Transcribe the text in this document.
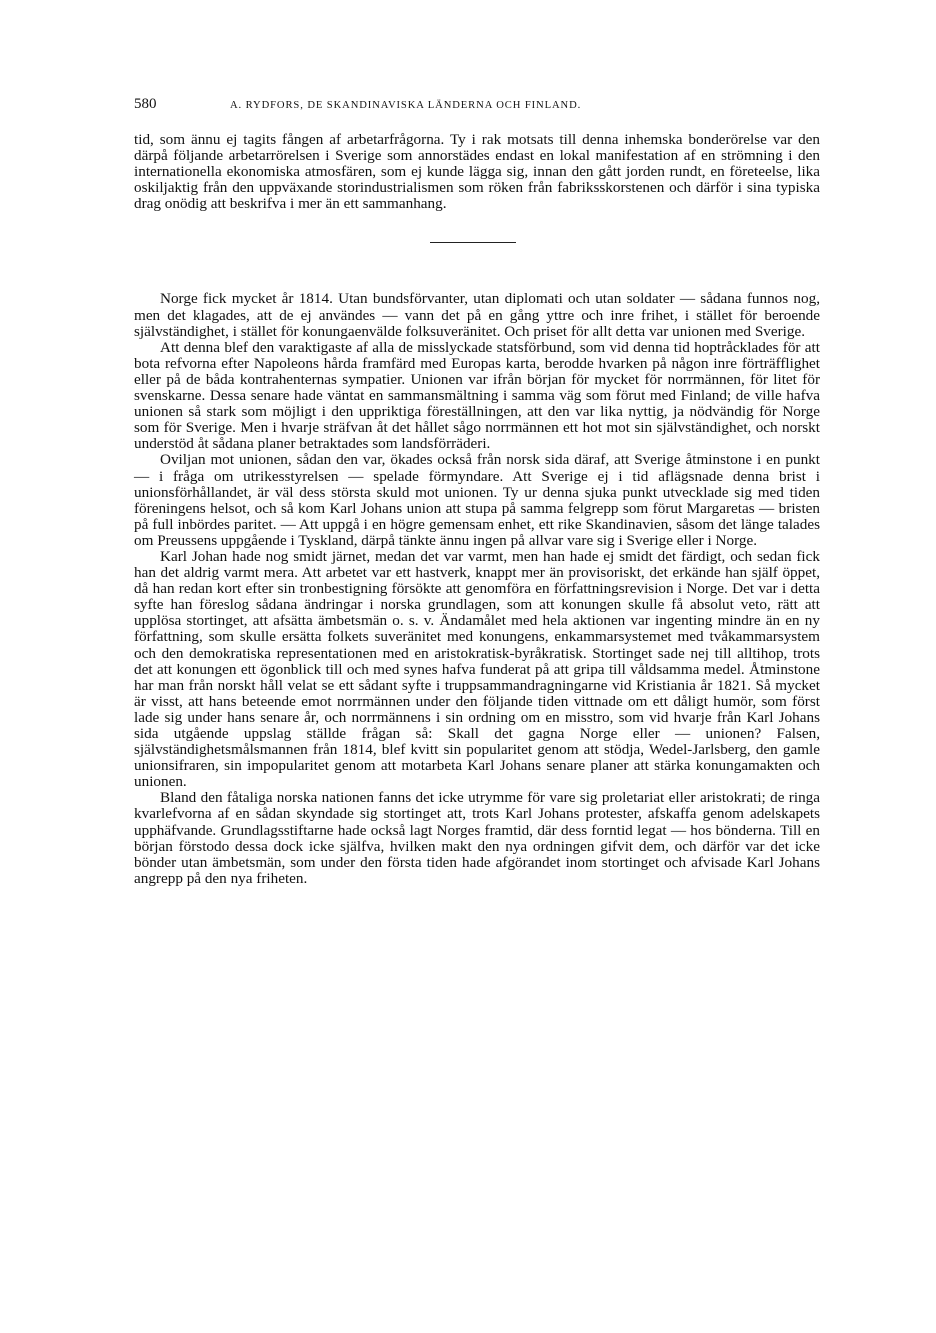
580	A. RYDFORS, DE SKANDINAVISKA LÄNDERNA OCH FINLAND.

tid, som ännu ej tagits fången af arbetarfrågorna. Ty i rak motsats till denna inhemska bonderörelse var den därpå följande arbetarrörelsen i Sverige som annorstädes endast en lokal manifestation af en strömning i den internationella ekonomiska atmosfären, som ej kunde lägga sig, innan den gått jorden rundt, en företeelse, lika oskiljaktig från den uppväxande storindustrialismen som röken från fabriksskorstenen och därför i sina typiska drag onödig att beskrifva i mer än ett sammanhang.

Norge fick mycket år 1814. Utan bundsförvanter, utan diplomati och utan soldater — sådana funnos nog, men det klagades, att de ej användes — vann det på en gång yttre och inre frihet, i stället för beroende självständighet, i stället för konungaenvälde folksuveränitet. Och priset för allt detta var unionen med Sverige.

Att denna blef den varaktigaste af alla de misslyckade statsförbund, som vid denna tid hoptråcklades för att bota refvorna efter Napoleons hårda framfärd med Europas karta, berodde hvarken på någon inre förträfflighet eller på de båda kontrahenternas sympatier. Unionen var ifrån början för mycket för norrmännen, för litet för svenskarne. Dessa senare hade väntat en sammansmältning i samma väg som förut med Finland; de ville hafva unionen så stark som möjligt i den uppriktiga föreställningen, att den var lika nyttig, ja nödvändig för Norge som för Sverige. Men i hvarje sträfvan åt det hållet sågo norrmännen ett hot mot sin självständighet, och norskt understöd åt sådana planer betraktades som landsförräderi.

Oviljan mot unionen, sådan den var, ökades också från norsk sida däraf, att Sverige åtminstone i en punkt — i fråga om utrikesstyrelsen — spelade förmyndare. Att Sverige ej i tid aflägsnade denna brist i unionsförhållandet, är väl dess största skuld mot unionen. Ty ur denna sjuka punkt utvecklade sig med tiden föreningens helsot, och så kom Karl Johans union att stupa på samma felgrepp som förut Margaretas — bristen på full inbördes paritet. — Att uppgå i en högre gemensam enhet, ett rike Skandinavien, såsom det länge talades om Preussens uppgående i Tyskland, därpå tänkte ännu ingen på allvar vare sig i Sverige eller i Norge.

Karl Johan hade nog smidt järnet, medan det var varmt, men han hade ej smidt det färdigt, och sedan fick han det aldrig varmt mera. Att arbetet var ett hastverk, knappt mer än provisoriskt, det erkände han själf öppet, då han redan kort efter sin tronbestigning försökte att genomföra en författningsrevision i Norge. Det var i detta syfte han föreslog sådana ändringar i norska grundlagen, som att konungen skulle få absolut veto, rätt att upplösa stortinget, att afsätta ämbetsmän o. s. v. Ändamålet med hela aktionen var ingenting mindre än en ny författning, som skulle ersätta folkets suveränitet med konungens, enkammarsystemet med tvåkammarsystem och den demokratiska representationen med en aristokratisk-byråkratisk. Stortinget sade nej till alltihop, trots det att konungen ett ögonblick till och med synes hafva funderat på att gripa till våldsamma medel. Åtminstone har man från norskt håll velat se ett sådant syfte i truppsammandragningarne vid Kristiania år 1821. Så mycket är visst, att hans beteende emot norrmännen under den följande tiden vittnade om ett dåligt humör, som först lade sig under hans senare år, och norrmännens i sin ordning om en misstro, som vid hvarje från Karl Johans sida utgående uppslag ställde frågan så: Skall det gagna Norge eller — unionen? Falsen, självständighetsmålsmannen från 1814, blef kvitt sin popularitet genom att stödja, Wedel-Jarlsberg, den gamle unionsifraren, sin impopularitet genom att motarbeta Karl Johans senare planer att stärka konungamakten och unionen.

Bland den fåtaliga norska nationen fanns det icke utrymme för vare sig proletariat eller aristokrati; de ringa kvarlefvorna af en sådan skyndade sig stortinget att, trots Karl Johans protester, afskaffa genom adelskapets upphäfvande. Grundlagsstiftarne hade också lagt Norges framtid, där dess forntid legat — hos bönderna. Till en början förstodo dessa dock icke själfva, hvilken makt den nya ordningen gifvit dem, och därför var det icke bönder utan ämbetsmän, som under den första tiden hade afgörandet inom stortinget och afvisade Karl Johans angrepp på den nya friheten.
